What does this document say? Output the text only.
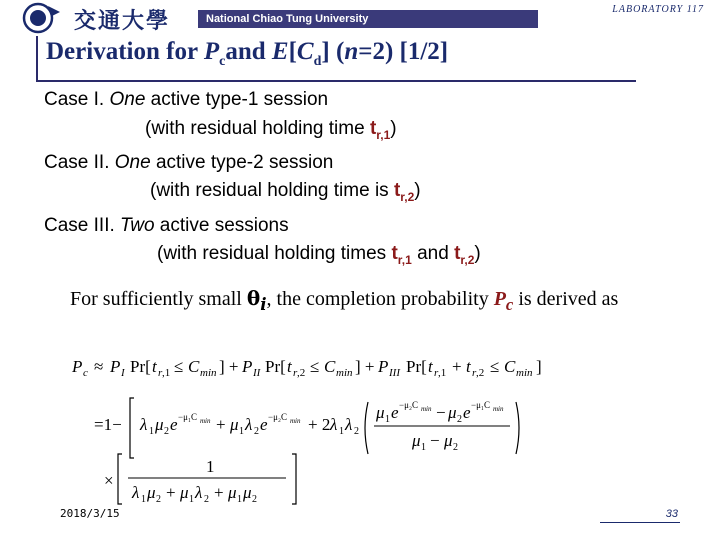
交通大學	National Chiao Tung University
LABORATORY 117
Derivation for $P_cand$ $E[C_d]$ (n=2) [1/2]
Case I. One active type-1 session
(with residual holding time $t_{r,1}$)
Case II. One active type-2 session
(with residual holding time is $t_{r,2}$)
Case III. Two active sessions
(with residual holding times $t_{r,1}$ and $t_{r,2}$)
For sufficiently small $\theta_i$, the completion probability $P_c$ is derived as
P c ≈ P I Pr[ t r ,1 ≤ C min ] + P II Pr[ t r ,2 ≤ C min ] + P III Pr[ t r ,1 + t r ,2 ≤ C min ]
=1− λ 1 μ 2 e −μ₁C min + μ 1 λ 2 e −μ₂C min + 2 λ 1 λ 2
μ 1 e −μ₂C min − μ 2 e −μ₁C min
μ 1 − μ 2
×
1
λ 1 μ 2 + μ 1 λ 2 + μ 1 μ 2
2018/3/15	33
